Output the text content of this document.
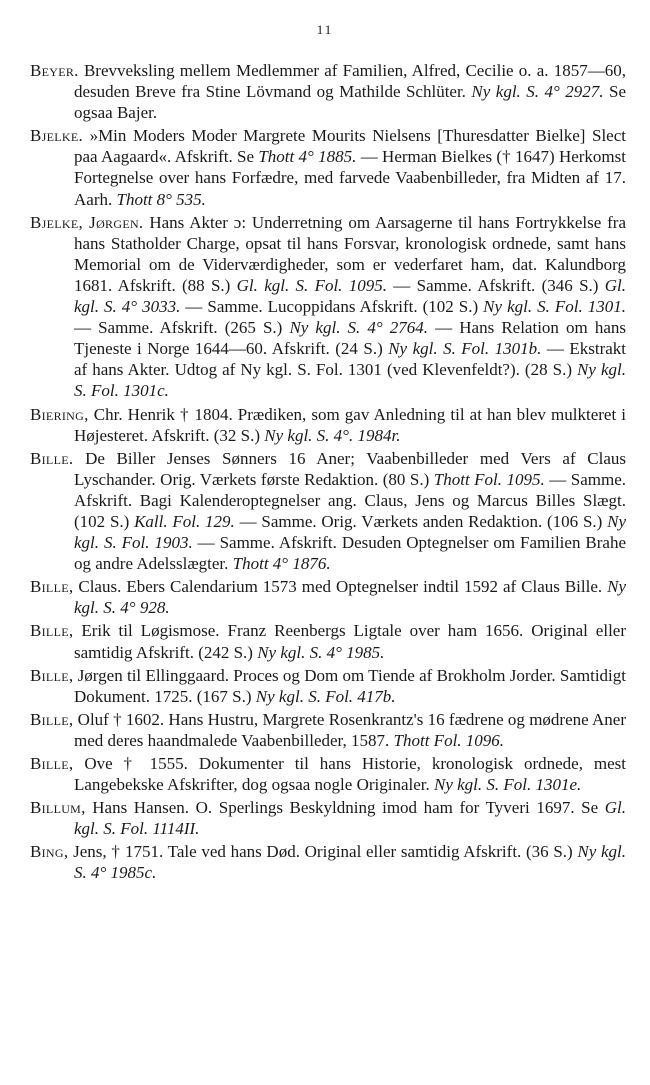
11

Beyer. Brevveksling mellem Medlemmer af Familien, Alfred, Cecilie o. a. 1857—60, desuden Breve fra Stine Lövmand og Mathilde Schlüter. Ny kgl. S. 4° 2927. Se ogsaa Bajer.

Bjelke. »Min Moders Moder Margrete Mourits Nielsens [Thuresdatter Bielke] Slect paa Aagaard«. Afskrift. Se Thott 4° 1885. — Herman Bielkes († 1647) Herkomst Fortegnelse over hans Forfædre, med farvede Vaabenbilleder, fra Midten af 17. Aarh. Thott 8° 535.

Bjelke, Jørgen. Hans Akter ɔ: Underretning om Aarsagerne til hans Fortrykkelse fra hans Statholder Charge, opsat til hans Forsvar, kronologisk ordnede, samt hans Memorial om de Viderværdigheder, som er vederfaret ham, dat. Kalundborg 1681. Afskrift. (88 S.) Gl. kgl. S. Fol. 1095. — Samme. Afskrift. (346 S.) Gl. kgl. S. 4° 3033. — Samme. Lucoppidans Afskrift. (102 S.) Ny kgl. S. Fol. 1301. — Samme. Afskrift. (265 S.) Ny kgl. S. 4° 2764. — Hans Relation om hans Tjeneste i Norge 1644—60. Afskrift. (24 S.) Ny kgl. S. Fol. 1301b. — Ekstrakt af hans Akter. Udtog af Ny kgl. S. Fol. 1301 (ved Klevenfeldt?). (28 S.) Ny kgl. S. Fol. 1301c.

Biering, Chr. Henrik † 1804. Prædiken, som gav Anledning til at han blev mulkteret i Højesteret. Afskrift. (32 S.) Ny kgl. S. 4°. 1984r.

Bille. De Biller Jenses Sønners 16 Aner; Vaabenbilleder med Vers af Claus Lyschander. Orig. Værkets første Redaktion. (80 S.) Thott Fol. 1095. — Samme. Afskrift. Bagi Kalenderoptegnelser ang. Claus, Jens og Marcus Billes Slægt. (102 S.) Kall. Fol. 129. — Samme. Orig. Værkets anden Redaktion. (106 S.) Ny kgl. S. Fol. 1903. — Samme. Afskrift. Desuden Optegnelser om Familien Brahe og andre Adelsslægter. Thott 4° 1876.

Bille, Claus. Ebers Calendarium 1573 med Optegnelser indtil 1592 af Claus Bille. Ny kgl. S. 4° 928.

Bille, Erik til Løgismose. Franz Reenbergs Ligtale over ham 1656. Original eller samtidig Afskrift. (242 S.) Ny kgl. S. 4° 1985.

Bille, Jørgen til Ellinggaard. Proces og Dom om Tiende af Brokholm Jorder. Samtidigt Dokument. 1725. (167 S.) Ny kgl. S. Fol. 417b.

Bille, Oluf † 1602. Hans Hustru, Margrete Rosenkrantz's 16 fædrene og mødrene Aner med deres haandmalede Vaabenbilleder, 1587. Thott Fol. 1096.

Bille, Ove † 1555. Dokumenter til hans Historie, kronologisk ordnede, mest Langebekske Afskrifter, dog ogsaa nogle Originaler. Ny kgl. S. Fol. 1301e.

Billum, Hans Hansen. O. Sperlings Beskyldning imod ham for Tyveri 1697. Se Gl. kgl. S. Fol. 1114II.

Bing, Jens, † 1751. Tale ved hans Død. Original eller samtidig Afskrift. (36 S.) Ny kgl. S. 4° 1985c.
